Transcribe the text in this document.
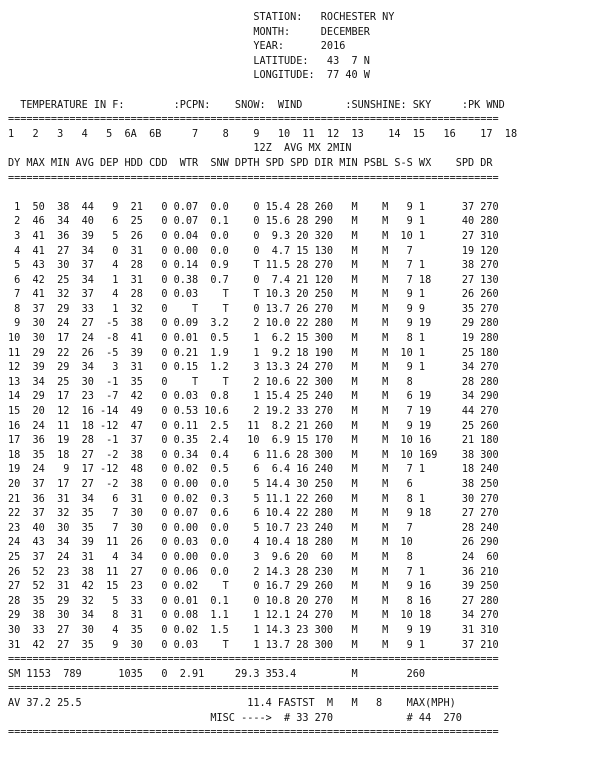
STATION:   ROCHESTER NY
MONTH:     DECEMBER
YEAR:      2016
LATITUDE:   43  7 N
LONGITUDE:  77 40 W
TEMPERATURE IN F:        :PCPN:    SNOW:  WIND       :SUNSHINE: SKY     :PK WND
================================================================================
1   2   3   4   5  6A  6B     7    8    9   10  11  12  13    14  15   16    17  18
12Z  AVG MX 2MIN
DY MAX MIN AVG DEP HDD CDD  WTR  SNW DPTH SPD SPD DIR MIN PSBL S-S WX    SPD DR
================================================================================
1  50  38  44   9  21   0 0.07  0.0    0 15.4 28 260   M    M   9 1      37 270
2  46  34  40   6  25   0 0.07  0.1    0 15.6 28 290   M    M   9 1      40 280
3  41  36  39   5  26   0 0.04  0.0    0  9.3 20 320   M    M  10 1      27 310
4  41  27  34   0  31   0 0.00  0.0    0  4.7 15 130   M    M   7        19 120
5  43  30  37   4  28   0 0.14  0.9    T 11.5 28 270   M    M   7 1      38 270
6  42  25  34   1  31   0 0.38  0.7    0  7.4 21 120   M    M   7 18     27 130
7  41  32  37   4  28   0 0.03    T    T 10.3 20 250   M    M   9 1      26 260
8  37  29  33   1  32   0    T    T    0 13.7 26 270   M    M   9 9      35 270
9  30  24  27  -5  38   0 0.09  3.2    2 10.0 22 280   M    M   9 19     29 280
10  30  17  24  -8  41   0 0.01  0.5    1  6.2 15 300   M    M   8 1      19 280
11  29  22  26  -5  39   0 0.21  1.9    1  9.2 18 190   M    M  10 1      25 180
12  39  29  34   3  31   0 0.15  1.2    3 13.3 24 270   M    M   9 1      34 270
13  34  25  30  -1  35   0    T    T    2 10.6 22 300   M    M   8        28 280
14  29  17  23  -7  42   0 0.03  0.8    1 15.4 25 240   M    M   6 19     34 290
15  20  12  16 -14  49   0 0.53 10.6    2 19.2 33 270   M    M   7 19     44 270
16  24  11  18 -12  47   0 0.11  2.5   11  8.2 21 260   M    M   9 19     25 260
17  36  19  28  -1  37   0 0.35  2.4   10  6.9 15 170   M    M  10 16     21 180
18  35  18  27  -2  38   0 0.34  0.4    6 11.6 28 300   M    M  10 169    38 300
19  24   9  17 -12  48   0 0.02  0.5    6  6.4 16 240   M    M   7 1      18 240
20  37  17  27  -2  38   0 0.00  0.0    5 14.4 30 250   M    M   6        38 250
21  36  31  34   6  31   0 0.02  0.3    5 11.1 22 260   M    M   8 1      30 270
22  37  32  35   7  30   0 0.07  0.6    6 10.4 22 280   M    M   9 18     27 270
23  40  30  35   7  30   0 0.00  0.0    5 10.7 23 240   M    M   7        28 240
24  43  34  39  11  26   0 0.03  0.0    4 10.4 18 280   M    M  10        26 290
25  37  24  31   4  34   0 0.00  0.0    3  9.6 20  60   M    M   8        24  60
26  52  23  38  11  27   0 0.06  0.0    2 14.3 28 230   M    M   7 1      36 210
27  52  31  42  15  23   0 0.02    T    0 16.7 29 260   M    M   9 16     39 250
28  35  29  32   5  33   0 0.01  0.1    0 10.8 20 270   M    M   8 16     27 280
29  38  30  34   8  31   0 0.08  1.1    1 12.1 24 270   M    M  10 18     34 270
30  33  27  30   4  35   0 0.02  1.5    1 14.3 23 300   M    M   9 19     31 310
31  42  27  35   9  30   0 0.03    T    1 13.7 28 300   M    M   9 1      37 210
================================================================================
SM 1153  789      1035   0  2.91     29.3 353.4         M        260
================================================================================
AV 37.2 25.5                           11.4 FASTST  M   M   8    MAX(MPH)
MISC ---->  # 33 270            # 44  270
================================================================================
